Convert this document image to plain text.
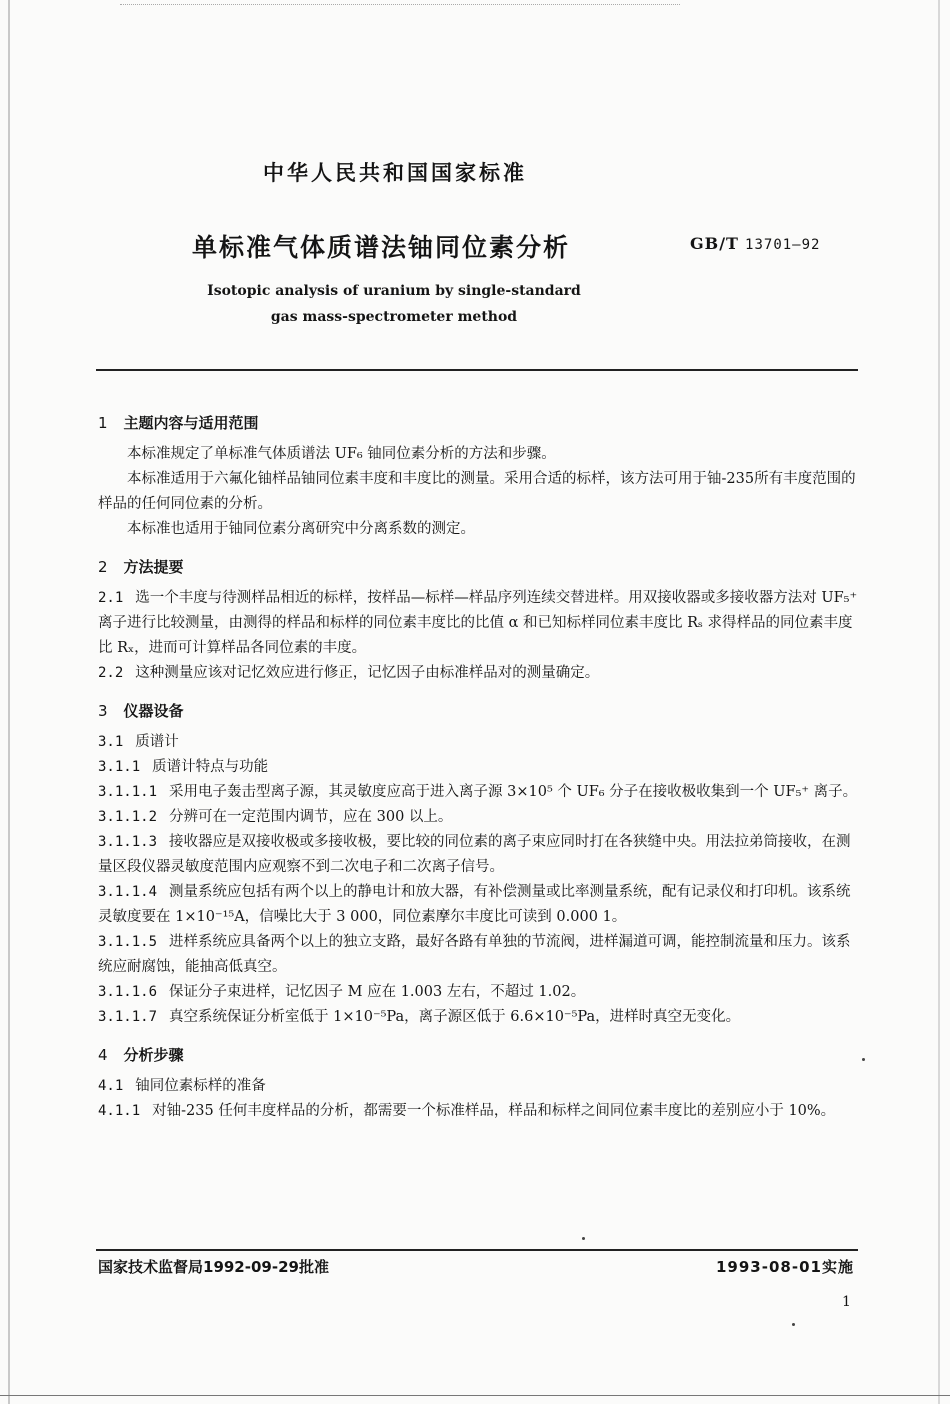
中华人民共和国国家标准
单标准气体质谱法铀同位素分析	GB/T 13701—92
Isotopic analysis of uranium by single-standard
gas mass-spectrometer method
1 主题内容与适用范围

本标准规定了单标准气体质谱法 UF₆ 铀同位素分析的方法和步骤。

本标准适用于六氟化铀样品铀同位素丰度和丰度比的测量。采用合适的标样，该方法可用于铀-235所有丰度范围的样品的任何同位素的分析。

本标准也适用于铀同位素分离研究中分离系数的测定。

2 方法提要

2.1 选一个丰度与待测样品相近的标样，按样品—标样—样品序列连续交替进样。用双接收器或多接收器方法对 UF₅⁺ 离子进行比较测量，由测得的样品和标样的同位素丰度比的比值 α 和已知标样同位素丰度比 Rₛ 求得样品的同位素丰度比 Rₓ，进而可计算样品各同位素的丰度。

2.2 这种测量应该对记忆效应进行修正，记忆因子由标准样品对的测量确定。

3 仪器设备

3.1 质谱计

3.1.1 质谱计特点与功能

3.1.1.1 采用电子轰击型离子源，其灵敏度应高于进入离子源 3×10⁵ 个 UF₆ 分子在接收极收集到一个 UF₅⁺ 离子。

3.1.1.2 分辨可在一定范围内调节，应在 300 以上。

3.1.1.3 接收器应是双接收极或多接收极，要比较的同位素的离子束应同时打在各狭缝中央。用法拉弟筒接收，在测量区段仪器灵敏度范围内应观察不到二次电子和二次离子信号。

3.1.1.4 测量系统应包括有两个以上的静电计和放大器，有补偿测量或比率测量系统，配有记录仪和打印机。该系统灵敏度要在 1×10⁻¹⁵A，信噪比大于 3 000，同位素摩尔丰度比可读到 0.000 1。

3.1.1.5 进样系统应具备两个以上的独立支路，最好各路有单独的节流阀，进样漏道可调，能控制流量和压力。该系统应耐腐蚀，能抽高低真空。

3.1.1.6 保证分子束进样，记忆因子 M 应在 1.003 左右，不超过 1.02。

3.1.1.7 真空系统保证分析室低于 1×10⁻⁵Pa，离子源区低于 6.6×10⁻⁵Pa，进样时真空无变化。

4 分析步骤

4.1 铀同位素标样的准备

4.1.1 对铀-235 任何丰度样品的分析，都需要一个标准样品，样品和标样之间同位素丰度比的差别应小于 10%。

国家技术监督局1992-09-29批准	1993-08-01实施
1
